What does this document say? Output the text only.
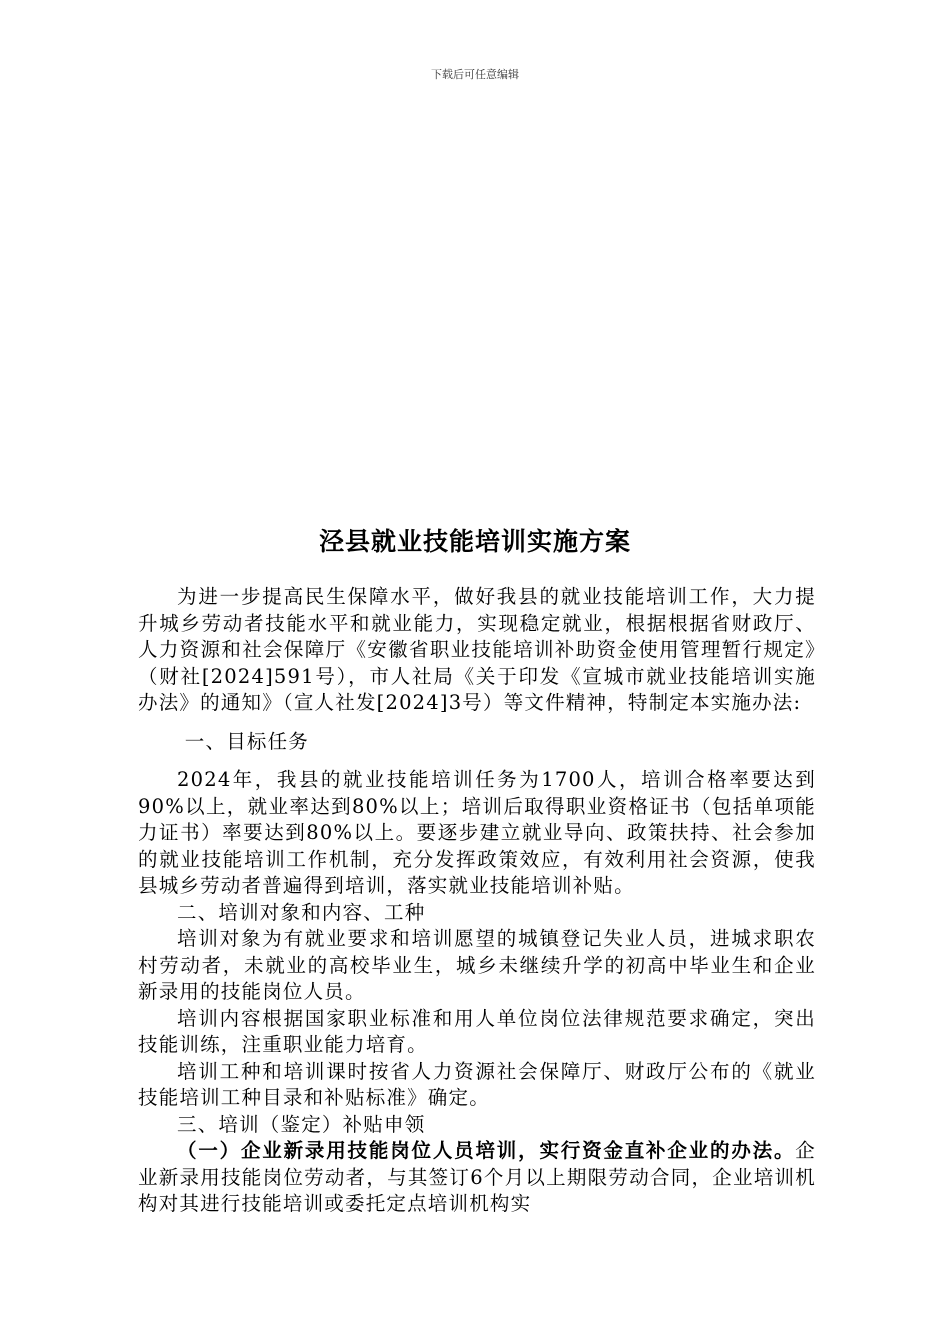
下载后可任意编辑
泾县就业技能培训实施方案

为进一步提高民生保障水平，做好我县的就业技能培训工作，大力提升城乡劳动者技能水平和就业能力，实现稳定就业，根据根据省财政厅、人力资源和社会保障厅《安徽省职业技能培训补助资金使用管理暂行规定》（财社[2024]591号），市人社局《关于印发《宣城市就业技能培训实施办法》的通知》（宣人社发[2024]3号）等文件精神，特制定本实施办法:

一、目标任务

2024年，我县的就业技能培训任务为1700人，培训合格率要达到90%以上，就业率达到80%以上；培训后取得职业资格证书（包括单项能力证书）率要达到80%以上。要逐步建立就业导向、政策扶持、社会参加的就业技能培训工作机制，充分发挥政策效应，有效利用社会资源，使我县城乡劳动者普遍得到培训，落实就业技能培训补贴。

二、培训对象和内容、工种

培训对象为有就业要求和培训愿望的城镇登记失业人员，进城求职农村劳动者，未就业的高校毕业生，城乡未继续升学的初高中毕业生和企业新录用的技能岗位人员。

培训内容根据国家职业标准和用人单位岗位法律规范要求确定，突出技能训练，注重职业能力培育。

培训工种和培训课时按省人力资源社会保障厅、财政厅公布的《就业技能培训工种目录和补贴标准》确定。

三、培训（鉴定）补贴申领

（一）企业新录用技能岗位人员培训，实行资金直补企业的办法。企业新录用技能岗位劳动者，与其签订6个月以上期限劳动合同，企业培训机构对其进行技能培训或委托定点培训机构实
